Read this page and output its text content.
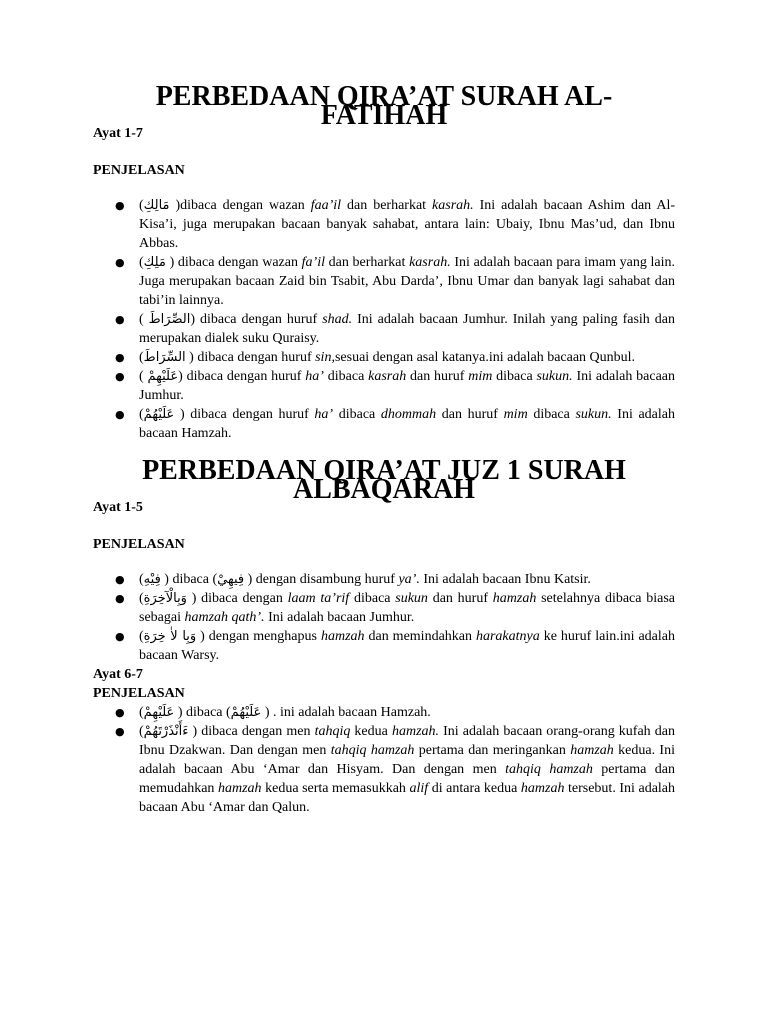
PERBEDAAN QIRA’AT SURAH AL-FATIHAH
Ayat 1-7
PENJELASAN
● (مَالِكِ )dibaca dengan wazan faa’il dan berharkat kasrah. Ini adalah bacaan Ashim dan Al-Kisa’i, juga merupakan bacaan banyak sahabat, antara lain: Ubaiy, Ibnu Mas’ud, dan Ibnu Abbas.
● (مَلِكِ ) dibaca dengan wazan fa’il dan berharkat kasrah. Ini adalah bacaan para imam yang lain. Juga merupakan bacaan Zaid bin Tsabit, Abu Darda’, Ibnu Umar dan banyak lagi sahabat dan tabi’in lainnya.
● ( الصِّرَاطَ) dibaca dengan huruf shad. Ini adalah bacaan Jumhur. Inilah yang paling fasih dan merupakan dialek suku Quraisy.
● (السِّرَاطَ ) dibaca dengan huruf sin,sesuai dengan asal katanya.ini adalah bacaan Qunbul.
● ( عَلَيْهِمْ) dibaca dengan huruf ha’ dibaca kasrah dan huruf mim dibaca sukun. Ini adalah bacaan Jumhur.
● (عَلَيْهُمْ ) dibaca dengan huruf ha’ dibaca dhommah dan huruf mim dibaca sukun. Ini adalah bacaan Hamzah.
PERBEDAAN QIRA’AT JUZ 1 SURAH ALBAQARAH
Ayat 1-5
PENJELASAN
● (فِيْهِ ) dibaca (فِيهِيْ ) dengan disambung huruf ya’. Ini adalah bacaan Ibnu Katsir.
● (وَبِالْآخِرَةِ ) dibaca dengan laam ta’rif dibaca sukun dan huruf hamzah setelahnya dibaca biasa sebagai hamzah qath’. Ini adalah bacaan Jumhur.
● (وَبِا لاٰ خِرَةِ ) dengan menghapus hamzah dan memindahkan harakatnya ke huruf lain.ini adalah bacaan Warsy.
Ayat 6-7
PENJELASAN
● (عَلَيْهِمْ ) dibaca (عَلَيْهُمْ ) . ini adalah bacaan Hamzah.
● (ءَأَنْذَرْتَهُمْ ) dibaca dengan men tahqiq kedua hamzah. Ini adalah bacaan orang-orang kufah dan Ibnu Dzakwan. Dan dengan men tahqiq hamzah pertama dan meringankan hamzah kedua. Ini adalah bacaan Abu ‘Amar dan Hisyam. Dan dengan men tahqiq hamzah pertama dan memudahkan hamzah kedua serta memasukkah alif di antara kedua hamzah tersebut. Ini adalah bacaan Abu ‘Amar dan Qalun.
